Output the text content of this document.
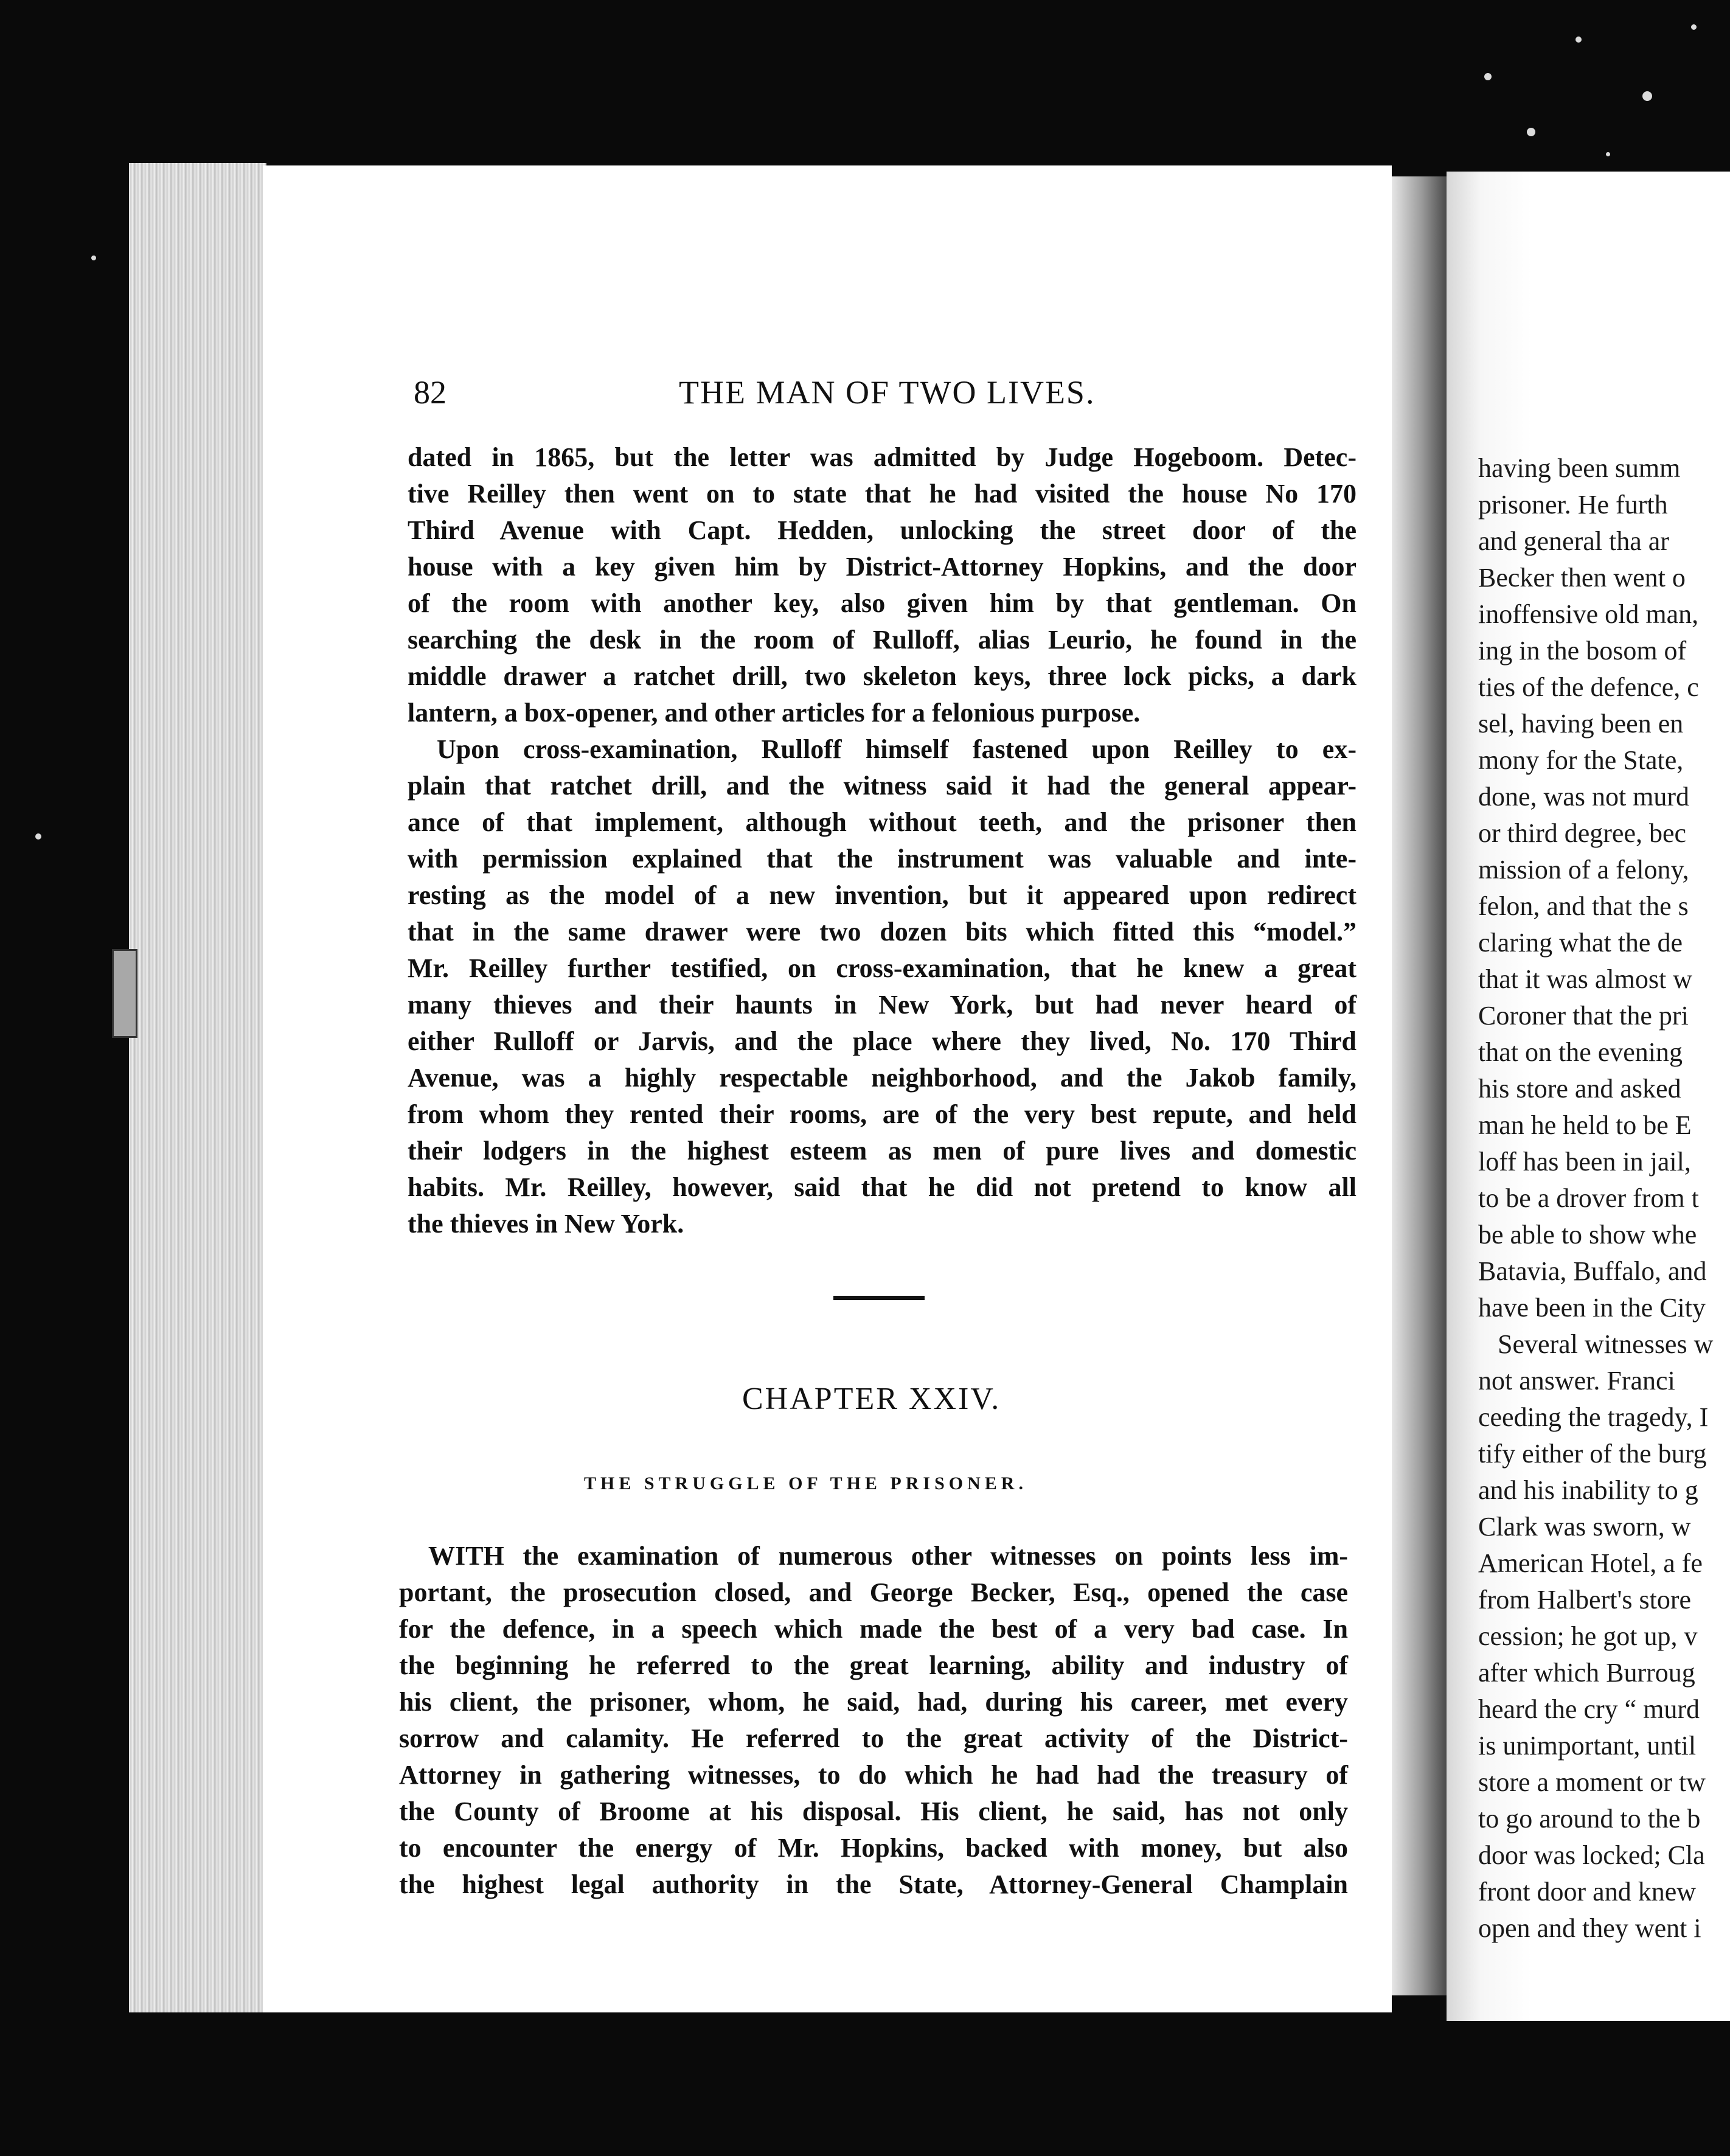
82	THE MAN OF TWO LIVES.
dated in 1865, but the letter was admitted by Judge Hogeboom. Detec-
tive Reilley then went on to state that he had visited the house No 170
Third Avenue with Capt. Hedden, unlocking the street door of the
house with a key given him by District-Attorney Hopkins, and the door
of the room with another key, also given him by that gentleman. On
searching the desk in the room of Rulloff, alias Leurio, he found in the
middle drawer a ratchet drill, two skeleton keys, three lock picks, a dark
lantern, a box-opener, and other articles for a felonious purpose.
Upon cross-examination, Rulloff himself fastened upon Reilley to ex-
plain that ratchet drill, and the witness said it had the general appear-
ance of that implement, although without teeth, and the prisoner then
with permission explained that the instrument was valuable and inte-
resting as the model of a new invention, but it appeared upon redirect
that in the same drawer were two dozen bits which fitted this “model.”
Mr. Reilley further testified, on cross-examination, that he knew a great
many thieves and their haunts in New York, but had never heard of
either Rulloff or Jarvis, and the place where they lived, No. 170 Third
Avenue, was a highly respectable neighborhood, and the Jakob family,
from whom they rented their rooms, are of the very best repute, and held
their lodgers in the highest esteem as men of pure lives and domestic
habits. Mr. Reilley, however, said that he did not pretend to know all
the thieves in New York.
CHAPTER XXIV.
THE STRUGGLE OF THE PRISONER.
WITH the examination of numerous other witnesses on points less im-
portant, the prosecution closed, and George Becker, Esq., opened the case
for the defence, in a speech which made the best of a very bad case. In
the beginning he referred to the great learning, ability and industry of
his client, the prisoner, whom, he said, had, during his career, met every
sorrow and calamity. He referred to the great activity of the District-
Attorney in gathering witnesses, to do which he had had the treasury of
the County of Broome at his disposal. His client, he said, has not only
to encounter the energy of Mr. Hopkins, backed with money, but also
the highest legal authority in the State, Attorney-General Champlain
having been summ
prisoner. He furth
and general tha ar
Becker then went o
inoffensive old man,
ing in the bosom of
ties of the defence, c
sel, having been en
mony for the State,
done, was not murd
or third degree, bec
mission of a felony,
felon, and that the s
claring what the de
that it was almost w
Coroner that the pri
that on the evening
his store and asked
man he held to be E
loff has been in jail,
to be a drover from t
be able to show whe
Batavia, Buffalo, and
have been in the City
Several witnesses w
not answer. Franci
ceeding the tragedy, I
tify either of the burg
and his inability to g
Clark was sworn, w
American Hotel, a fe
from Halbert's store
cession; he got up, v
after which Burroug
heard the cry “ murd
is unimportant, until
store a moment or tw
to go around to the b
door was locked; Cla
front door and knew
open and they went i
